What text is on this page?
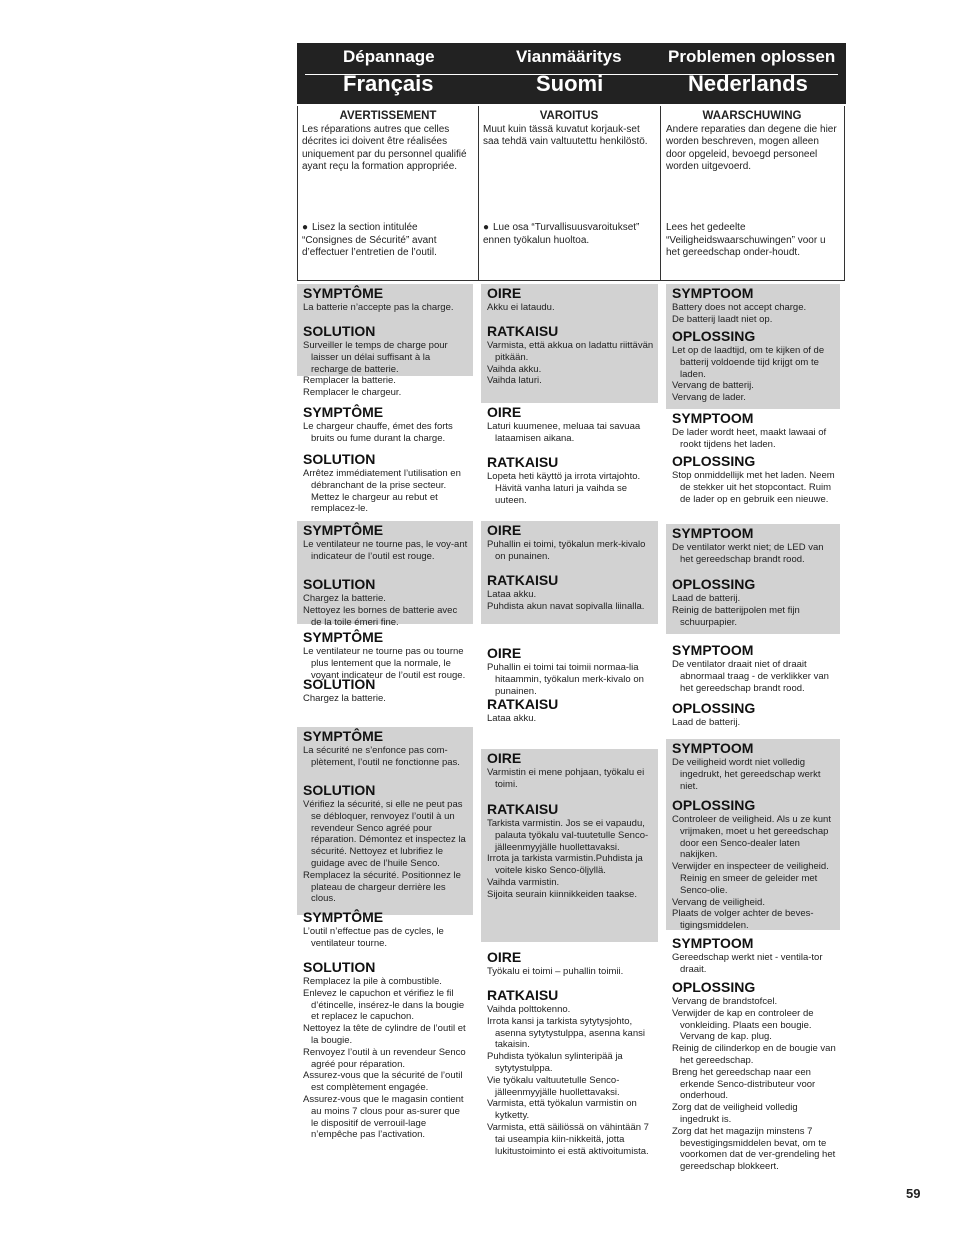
Dépannage	Vianmääritys	Problemen oplossen
Français	Suomi	Nederlands
AVERTISSEMENT
Les réparations autres que celles décrites ici doivent être réalisées uniquement par du personnel qualifié ayant reçu la formation appropriée.
● Lisez la section intitulée “Consignes de Sécurité” avant d’effectuer l’entretien de l’outil.
VAROITUS
Muut kuin tässä kuvatut korjauk-set saa tehdä vain valtuutettu henkilöstö.
● Lue osa “Turvallisuusvaroitukset” ennen työkalun huoltoa.
WAARSCHUWING
Andere reparaties dan degene die hier worden beschreven, mogen alleen door opgeleid, bevoegd personeel worden uitgevoerd.
Lees het gedeelte “Veiligheidswaarschuwingen” voor u het gereedschap onder-houdt.
SYMPTÔME
La batterie n’accepte pas la charge.
SOLUTION
Surveiller le temps de charge pour laisser un délai suffisant à la recharge de batterie.
Remplacer la batterie.
Remplacer le chargeur.
SYMPTÔME
Le chargeur chauffe, émet des forts bruits ou fume durant la charge.
SOLUTION
Arrêtez immédiatement l’utilisation en débranchant de la prise secteur. Mettez le chargeur au rebut et remplacez-le.
SYMPTÔME
Le ventilateur ne tourne pas, le voy-ant indicateur de l’outil est rouge.
SOLUTION
Chargez la batterie.
Nettoyez les bornes de batterie avec de la toile émeri fine.
SYMPTÔME
Le ventilateur ne tourne pas ou tourne plus lentement que la normale, le voyant indicateur de l’outil est rouge.
SOLUTION
Chargez la batterie.
SYMPTÔME
La sécurité ne s’enfonce pas com-plètement, l’outil ne fonctionne pas.
SOLUTION
Vérifiez la sécurité, si elle ne peut pas se débloquer, renvoyez l’outil à un revendeur Senco agréé pour réparation. Démontez et inspectez la sécurité. Nettoyez et lubrifiez le guidage avec de l’huile Senco.
Remplacez la sécurité. Positionnez le plateau de chargeur derrière les clous.
SYMPTÔME
L’outil n’effectue pas de cycles, le ventilateur tourne.
SOLUTION
Remplacez la pile à combustible.
Enlevez le capuchon et vérifiez le fil d’étincelle, insérez-le dans la bougie et replacez le capuchon.
Nettoyez la tête de cylindre de l’outil et la bougie.
Renvoyez l’outil à un revendeur Senco agréé pour réparation.
Assurez-vous que la sécurité de l’outil est complètement engagée.
Assurez-vous que le magasin contient au moins 7 clous pour as-surer que le dispositif de verrouil-lage n’empêche pas l’activation.
OIRE
Akku ei lataudu.
RATKAISU
Varmista, että akkua on ladattu riittävän pitkään.
Vaihda akku.
Vaihda laturi.
OIRE
Laturi kuumenee, meluaa tai savuaa lataamisen aikana.
RATKAISU
Lopeta heti käyttö ja irrota virtajohto. Hävitä vanha laturi ja vaihda se uuteen.
OIRE
Puhallin ei toimi, työkalun merk-kivalo on punainen.
RATKAISU
Lataa akku.
Puhdista akun navat sopivalla liinalla.
OIRE
Puhallin ei toimi tai toimii normaa-lia hitaammin, työkalun merk-kivalo on punainen.
RATKAISU
Lataa akku.
OIRE
Varmistin ei mene pohjaan, työkalu ei toimi.
RATKAISU
Tarkista varmistin. Jos se ei vapaudu, palauta työkalu val-tuutetulle Senco-jälleenmyyjälle huollettavaksi.
Irrota ja tarkista varmistin.Puhdista ja voitele kisko Senco-öljyllä.
Vaihda varmistin.
Sijoita seurain kiinnikkeiden taakse.
OIRE
Työkalu ei toimi – puhallin toimii.
RATKAISU
Vaihda polttokenno.
Irrota kansi ja tarkista sytytysjohto, asenna sytytystulppa, asenna kansi takaisin.
Puhdista työkalun sylinteripää ja sytytystulppa.
Vie työkalu valtuutetulle Senco-jälleenmyyjälle huollettavaksi.
Varmista, että työkalun varmistin on kytketty.
Varmista, että säiliössä on vähintään 7 tai useampia kiin-nikkeitä, jotta lukitustoiminto ei estä aktivoitumista.
SYMPTOOM
Battery does not accept charge.
De batterij laadt niet op.
OPLOSSING
Let op de laadtijd, om te kijken of de batterij voldoende tijd krijgt om te laden.
Vervang de batterij.
Vervang de lader.
SYMPTOOM
De lader wordt heet, maakt lawaai of rookt tijdens het laden.
OPLOSSING
Stop onmiddellijk met het laden. Neem de stekker uit het stopcontact. Ruim de lader op en gebruik een nieuwe.
SYMPTOOM
De ventilator werkt niet; de LED van het gereedschap brandt rood.
OPLOSSING
Laad de batterij.
Reinig de batterijpolen met fijn schuurpapier.
SYMPTOOM
De ventilator draait niet of draait abnormaal traag - de verklikker van het gereedschap brandt rood.
OPLOSSING
Laad de batterij.
SYMPTOOM
De veiligheid wordt niet volledig ingedrukt, het gereedschap werkt niet.
OPLOSSING
Controleer de veiligheid. Als u ze kunt vrijmaken, moet u het gereedschap door een Senco-dealer laten nakijken.
Verwijder en inspecteer de veiligheid. Reinig en smeer de geleider met Senco-olie.
Vervang de veiligheid.
Plaats de volger achter de beves-tigingsmiddelen.
SYMPTOOM
Gereedschap werkt niet - ventila-tor draait.
OPLOSSING
Vervang de brandstofcel.
Verwijder de kap en controleer de vonkleiding. Plaats een bougie. Vervang de kap. plug.
Reinig de cilinderkop en de bougie van het gereedschap.
Breng het gereedschap naar een erkende Senco-distributeur voor onderhoud.
Zorg dat de veiligheid volledig ingedrukt is.
Zorg dat het magazijn minstens 7 bevestigingsmiddelen bevat, om te voorkomen dat de ver-grendeling het gereedschap blokkeert.
59
